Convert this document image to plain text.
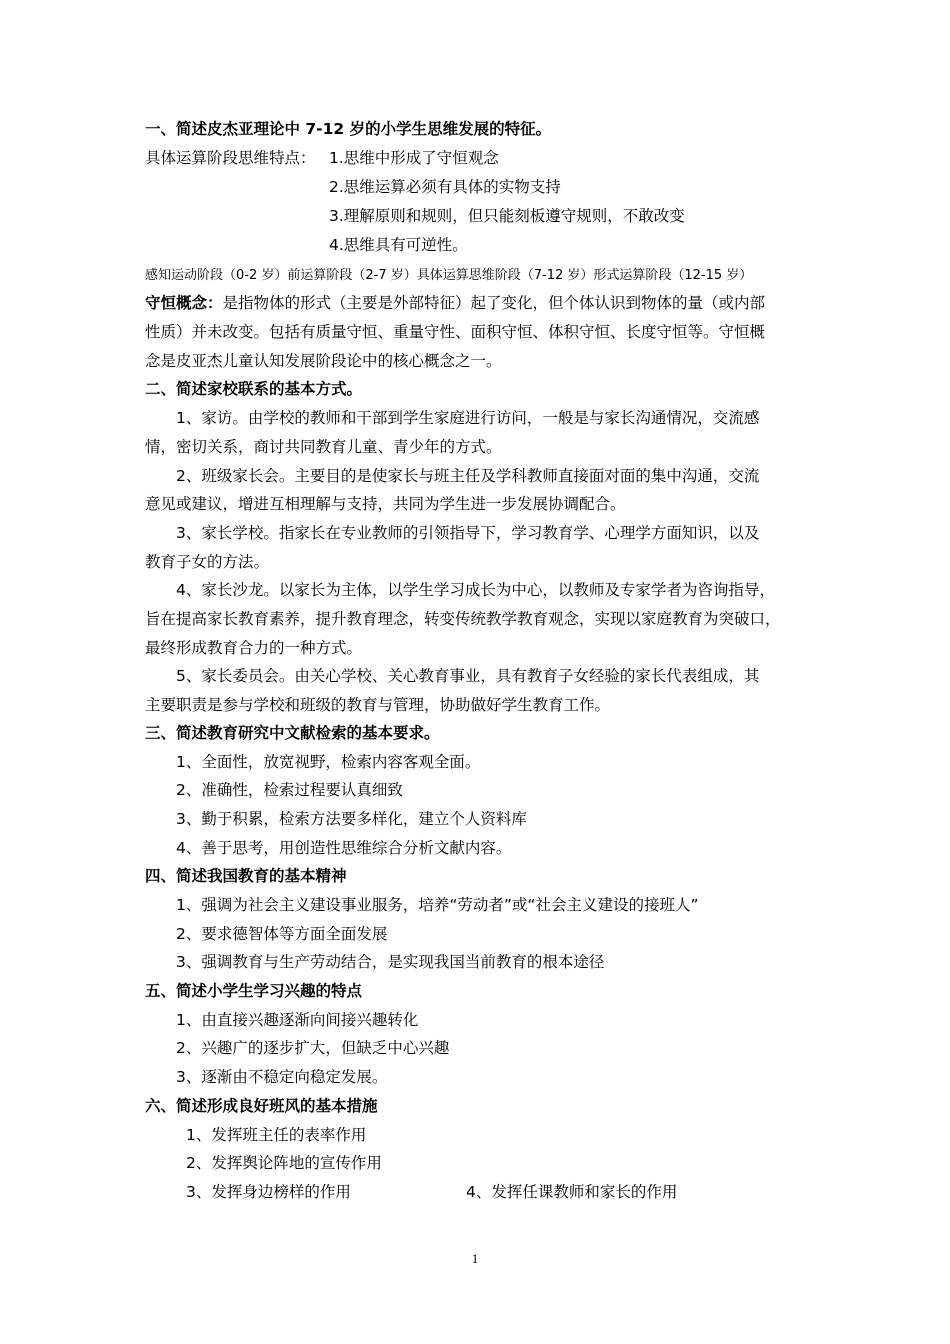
一、简述皮杰亚理论中 7-12 岁的小学生思维发展的特征。
具体运算阶段思维特点： 1.思维中形成了守恒观念
2.思维运算必须有具体的实物支持
3.理解原则和规则，但只能刻板遵守规则，不敢改变
4.思维具有可逆性。
感知运动阶段（0-2 岁）前运算阶段（2-7 岁）具体运算思维阶段（7-12 岁）形式运算阶段（12-15 岁）
守恒概念：是指物体的形式（主要是外部特征）起了变化，但个体认识到物体的量（或内部
性质）并未改变。包括有质量守恒、重量守性、面积守恒、体积守恒、长度守恒等。守恒概
念是皮亚杰儿童认知发展阶段论中的核心概念之一。
二、简述家校联系的基本方式。
1、家访。由学校的教师和干部到学生家庭进行访问，一般是与家长沟通情况，交流感
情，密切关系，商讨共同教育儿童、青少年的方式。
2、班级家长会。主要目的是使家长与班主任及学科教师直接面对面的集中沟通，交流
意见或建议，增进互相理解与支持，共同为学生进一步发展协调配合。
3、家长学校。指家长在专业教师的引领指导下，学习教育学、心理学方面知识，以及
教育子女的方法。
4、家长沙龙。以家长为主体，以学生学习成长为中心，以教师及专家学者为咨询指导，
旨在提高家长教育素养，提升教育理念，转变传统教学教育观念，实现以家庭教育为突破口，
最终形成教育合力的一种方式。
5、家长委员会。由关心学校、关心教育事业，具有教育子女经验的家长代表组成，其
主要职责是参与学校和班级的教育与管理，协助做好学生教育工作。
三、简述教育研究中文献检索的基本要求。
1、全面性，放宽视野，检索内容客观全面。
2、准确性，检索过程要认真细致
3、勤于积累，检索方法要多样化，建立个人资料库
4、善于思考，用创造性思维综合分析文献内容。
四、简述我国教育的基本精神
1、强调为社会主义建设事业服务，培养“劳动者”或“社会主义建设的接班人”
2、要求德智体等方面全面发展
3、强调教育与生产劳动结合，是实现我国当前教育的根本途径
五、简述小学生学习兴趣的特点
1、由直接兴趣逐渐向间接兴趣转化
2、兴趣广的逐步扩大，但缺乏中心兴趣
3、逐渐由不稳定向稳定发展。
六、简述形成良好班风的基本措施
1、发挥班主任的表率作用
2、发挥舆论阵地的宣传作用
3、发挥身边榜样的作用	4、发挥任课教师和家长的作用
1
